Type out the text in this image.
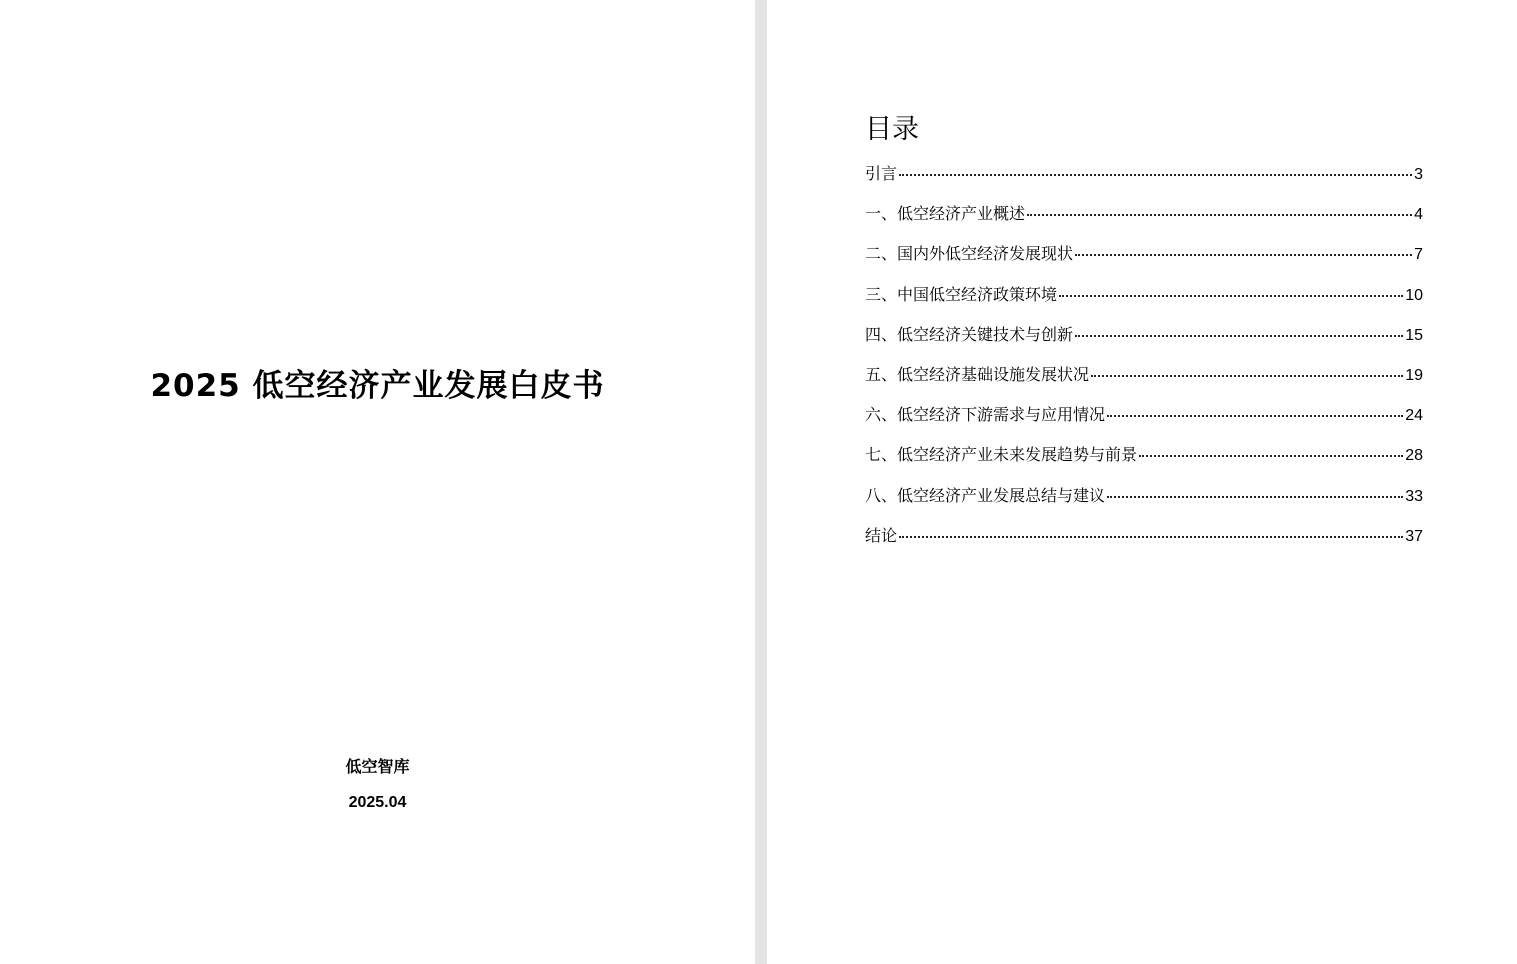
2025 低空经济产业发展白皮书
低空智库
2025.04
目录
引言	3
一、低空经济产业概述	4
二、国内外低空经济发展现状	7
三、中国低空经济政策环境	10
四、低空经济关键技术与创新	15
五、低空经济基础设施发展状况	19
六、低空经济下游需求与应用情况	24
七、低空经济产业未来发展趋势与前景	28
八、低空经济产业发展总结与建议	33
结论	37
